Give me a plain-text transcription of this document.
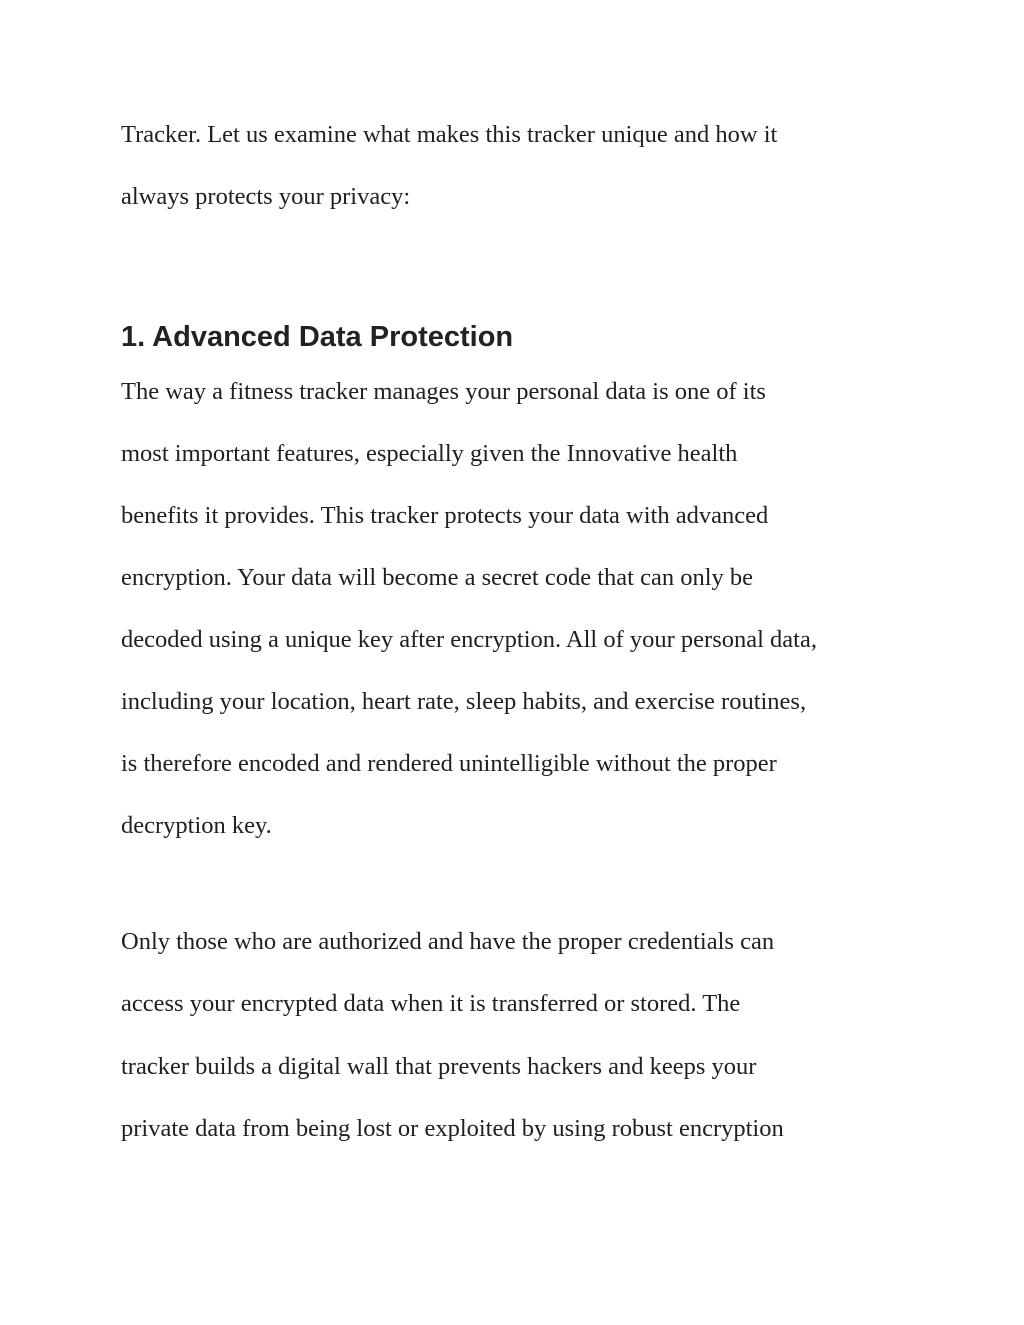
Tracker. Let us examine what makes this tracker unique and how it
always protects your privacy:
1. Advanced Data Protection
The way a fitness tracker manages your personal data is one of its
most important features, especially given the Innovative health
benefits it provides. This tracker protects your data with advanced
encryption. Your data will become a secret code that can only be
decoded using a unique key after encryption. All of your personal data,
including your location, heart rate, sleep habits, and exercise routines,
is therefore encoded and rendered unintelligible without the proper
decryption key.
Only those who are authorized and have the proper credentials can
access your encrypted data when it is transferred or stored. The
tracker builds a digital wall that prevents hackers and keeps your
private data from being lost or exploited by using robust encryption
